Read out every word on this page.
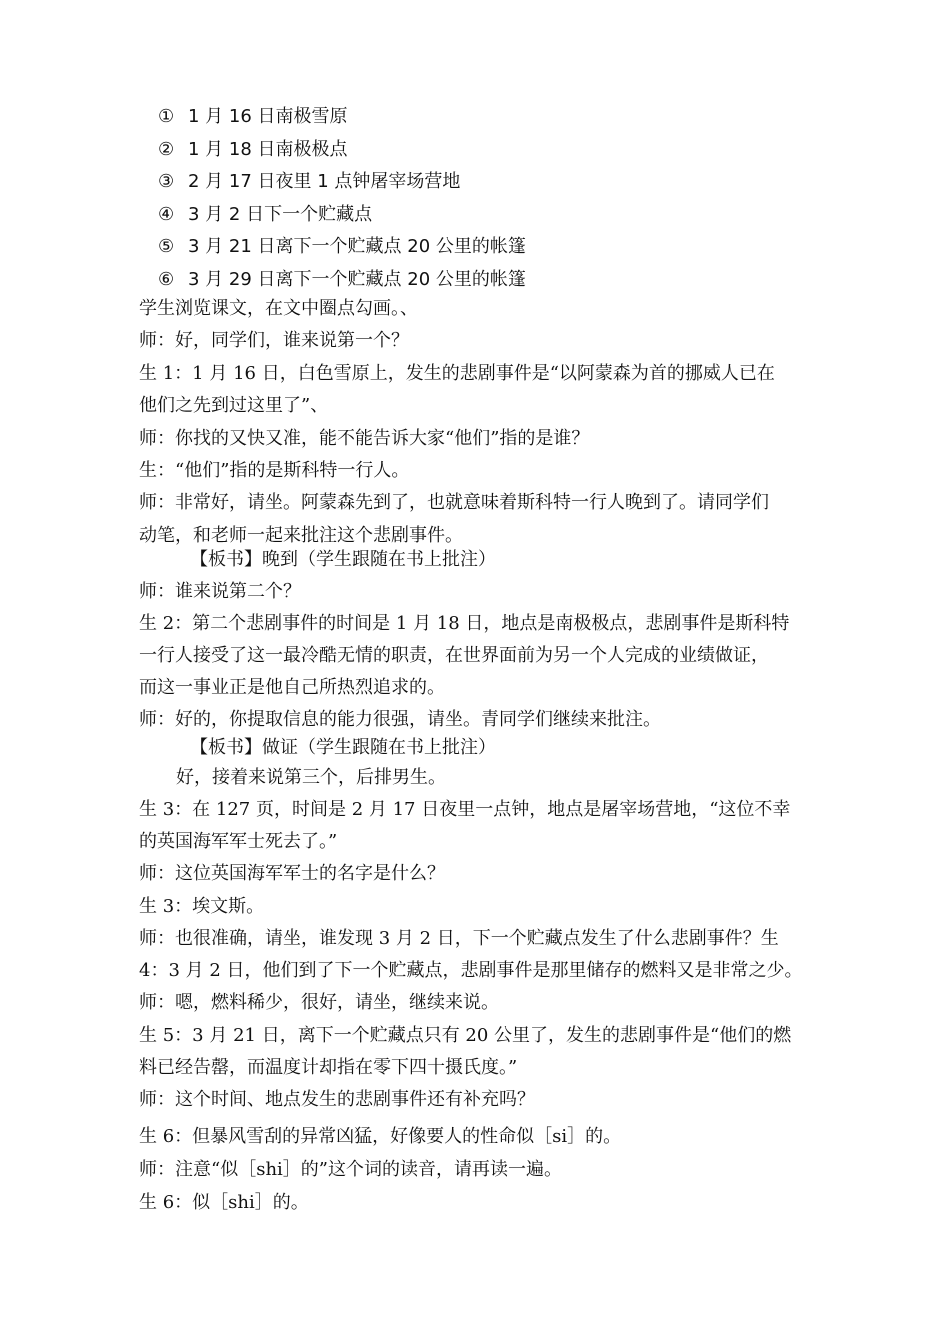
① 1 月 16 日南极雪原
② 1 月 18 日南极极点
③ 2 月 17 日夜里 1 点钟屠宰场营地
④ 3 月 2 日下一个贮藏点
⑤ 3 月 21 日离下一个贮藏点 20 公里的帐篷
⑥ 3 月 29 日离下一个贮藏点 20 公里的帐篷
学生浏览课文，在文中圈点勾画。、
师：好，同学们，谁来说第一个？
生 1：1 月 16 日，白色雪原上，发生的悲剧事件是“以阿蒙森为首的挪威人已在
他们之先到过这里了”、
师：你找的又快又准，能不能告诉大家“他们”指的是谁？
生：“他们”指的是斯科特一行人。
师：非常好，请坐。阿蒙森先到了，也就意味着斯科特一行人晚到了。请同学们
动笔，和老师一起来批注这个悲剧事件。
【板书】晚到（学生跟随在书上批注）
师：谁来说第二个？
生 2：第二个悲剧事件的时间是 1 月 18 日，地点是南极极点，悲剧事件是斯科特
一行人接受了这一最冷酷无情的职责，在世界面前为另一个人完成的业绩做证，
而这一事业正是他自己所热烈追求的。
师：好的，你提取信息的能力很强，请坐。青同学们继续来批注。
【板书】做证（学生跟随在书上批注）
好，接着来说第三个，后排男生。
生 3：在 127 页，时间是 2 月 17 日夜里一点钟，地点是屠宰场营地，“这位不幸
的英国海军军士死去了。”
师：这位英国海军军士的名字是什么？
生 3：埃文斯。
师：也很准确，请坐，谁发现 3 月 2 日，下一个贮藏点发生了什么悲剧事件？生
4：3 月 2 日，他们到了下一个贮藏点，悲剧事件是那里储存的燃料又是非常之少。
师：嗯，燃料稀少，很好，请坐，继续来说。
生 5：3 月 21 日，离下一个贮藏点只有 20 公里了，发生的悲剧事件是“他们的燃
料已经告罄，而温度计却指在零下四十摄氏度。”
师：这个时间、地点发生的悲剧事件还有补充吗？
生 6：但暴风雪刮的异常凶猛，好像要人的性命似［si］的。
师：注意“似［shi］的”这个词的读音，请再读一遍。
生 6：似［shi］的。
